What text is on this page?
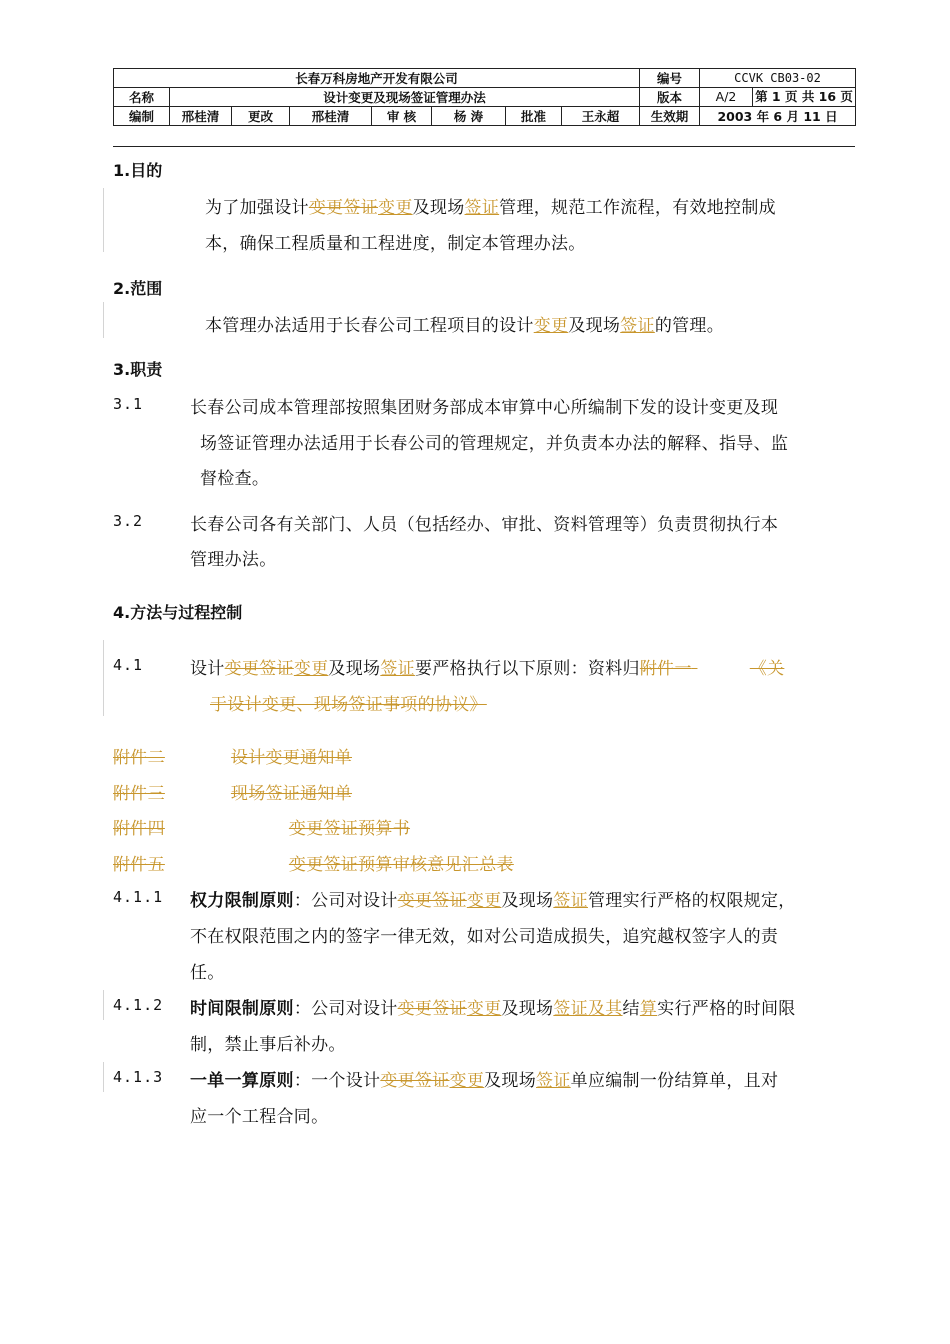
长春万科房地产开发有限公司								编号	CCVK CB03-02
名称	设计变更及现场签证管理办法							版本	A/2 第 1 页 共 16 页

编制	邢桂清	更改	邢桂清	审 核	杨 涛	批准	王永超	生效期	2003 年 6 月 11 日
1.目的
为了加强设计变更签证变更及现场签证管理，规范工作流程，有效地控制成
本，确保工程质量和工程进度，制定本管理办法。
2.范围
本管理办法适用于长春公司工程项目的设计变更及现场签证的管理。
3.职责
3.1	长春公司成本管理部按照集团财务部成本审算中心所编制下发的设计变更及现
场签证管理办法适用于长春公司的管理规定，并负责本办法的解释、指导、监
督检查。
3.2	长春公司各有关部门、人员（包括经办、审批、资料管理等）负责贯彻执行本
管理办法。
4.方法与过程控制
4.1	设计变更签证变更及现场签证要严格执行以下原则：资料归附件一	《关
于设计变更、现场签证事项的协议》
附件二	设计变更通知单
附件三	现场签证通知单
附件四	变更签证预算书
附件五	变更签证预算审核意见汇总表
4.1.1 权力限制原则：公司对设计变更签证变更及现场签证管理实行严格的权限规定，
不在权限范围之内的签字一律无效，如对公司造成损失，追究越权签字人的责
任。
4.1.2 时间限制原则：公司对设计变更签证变更及现场签证及其结算实行严格的时间限
制，禁止事后补办。
4.1.3 一单一算原则：一个设计变更签证变更及现场签证单应编制一份结算单，且对
应一个工程合同。
